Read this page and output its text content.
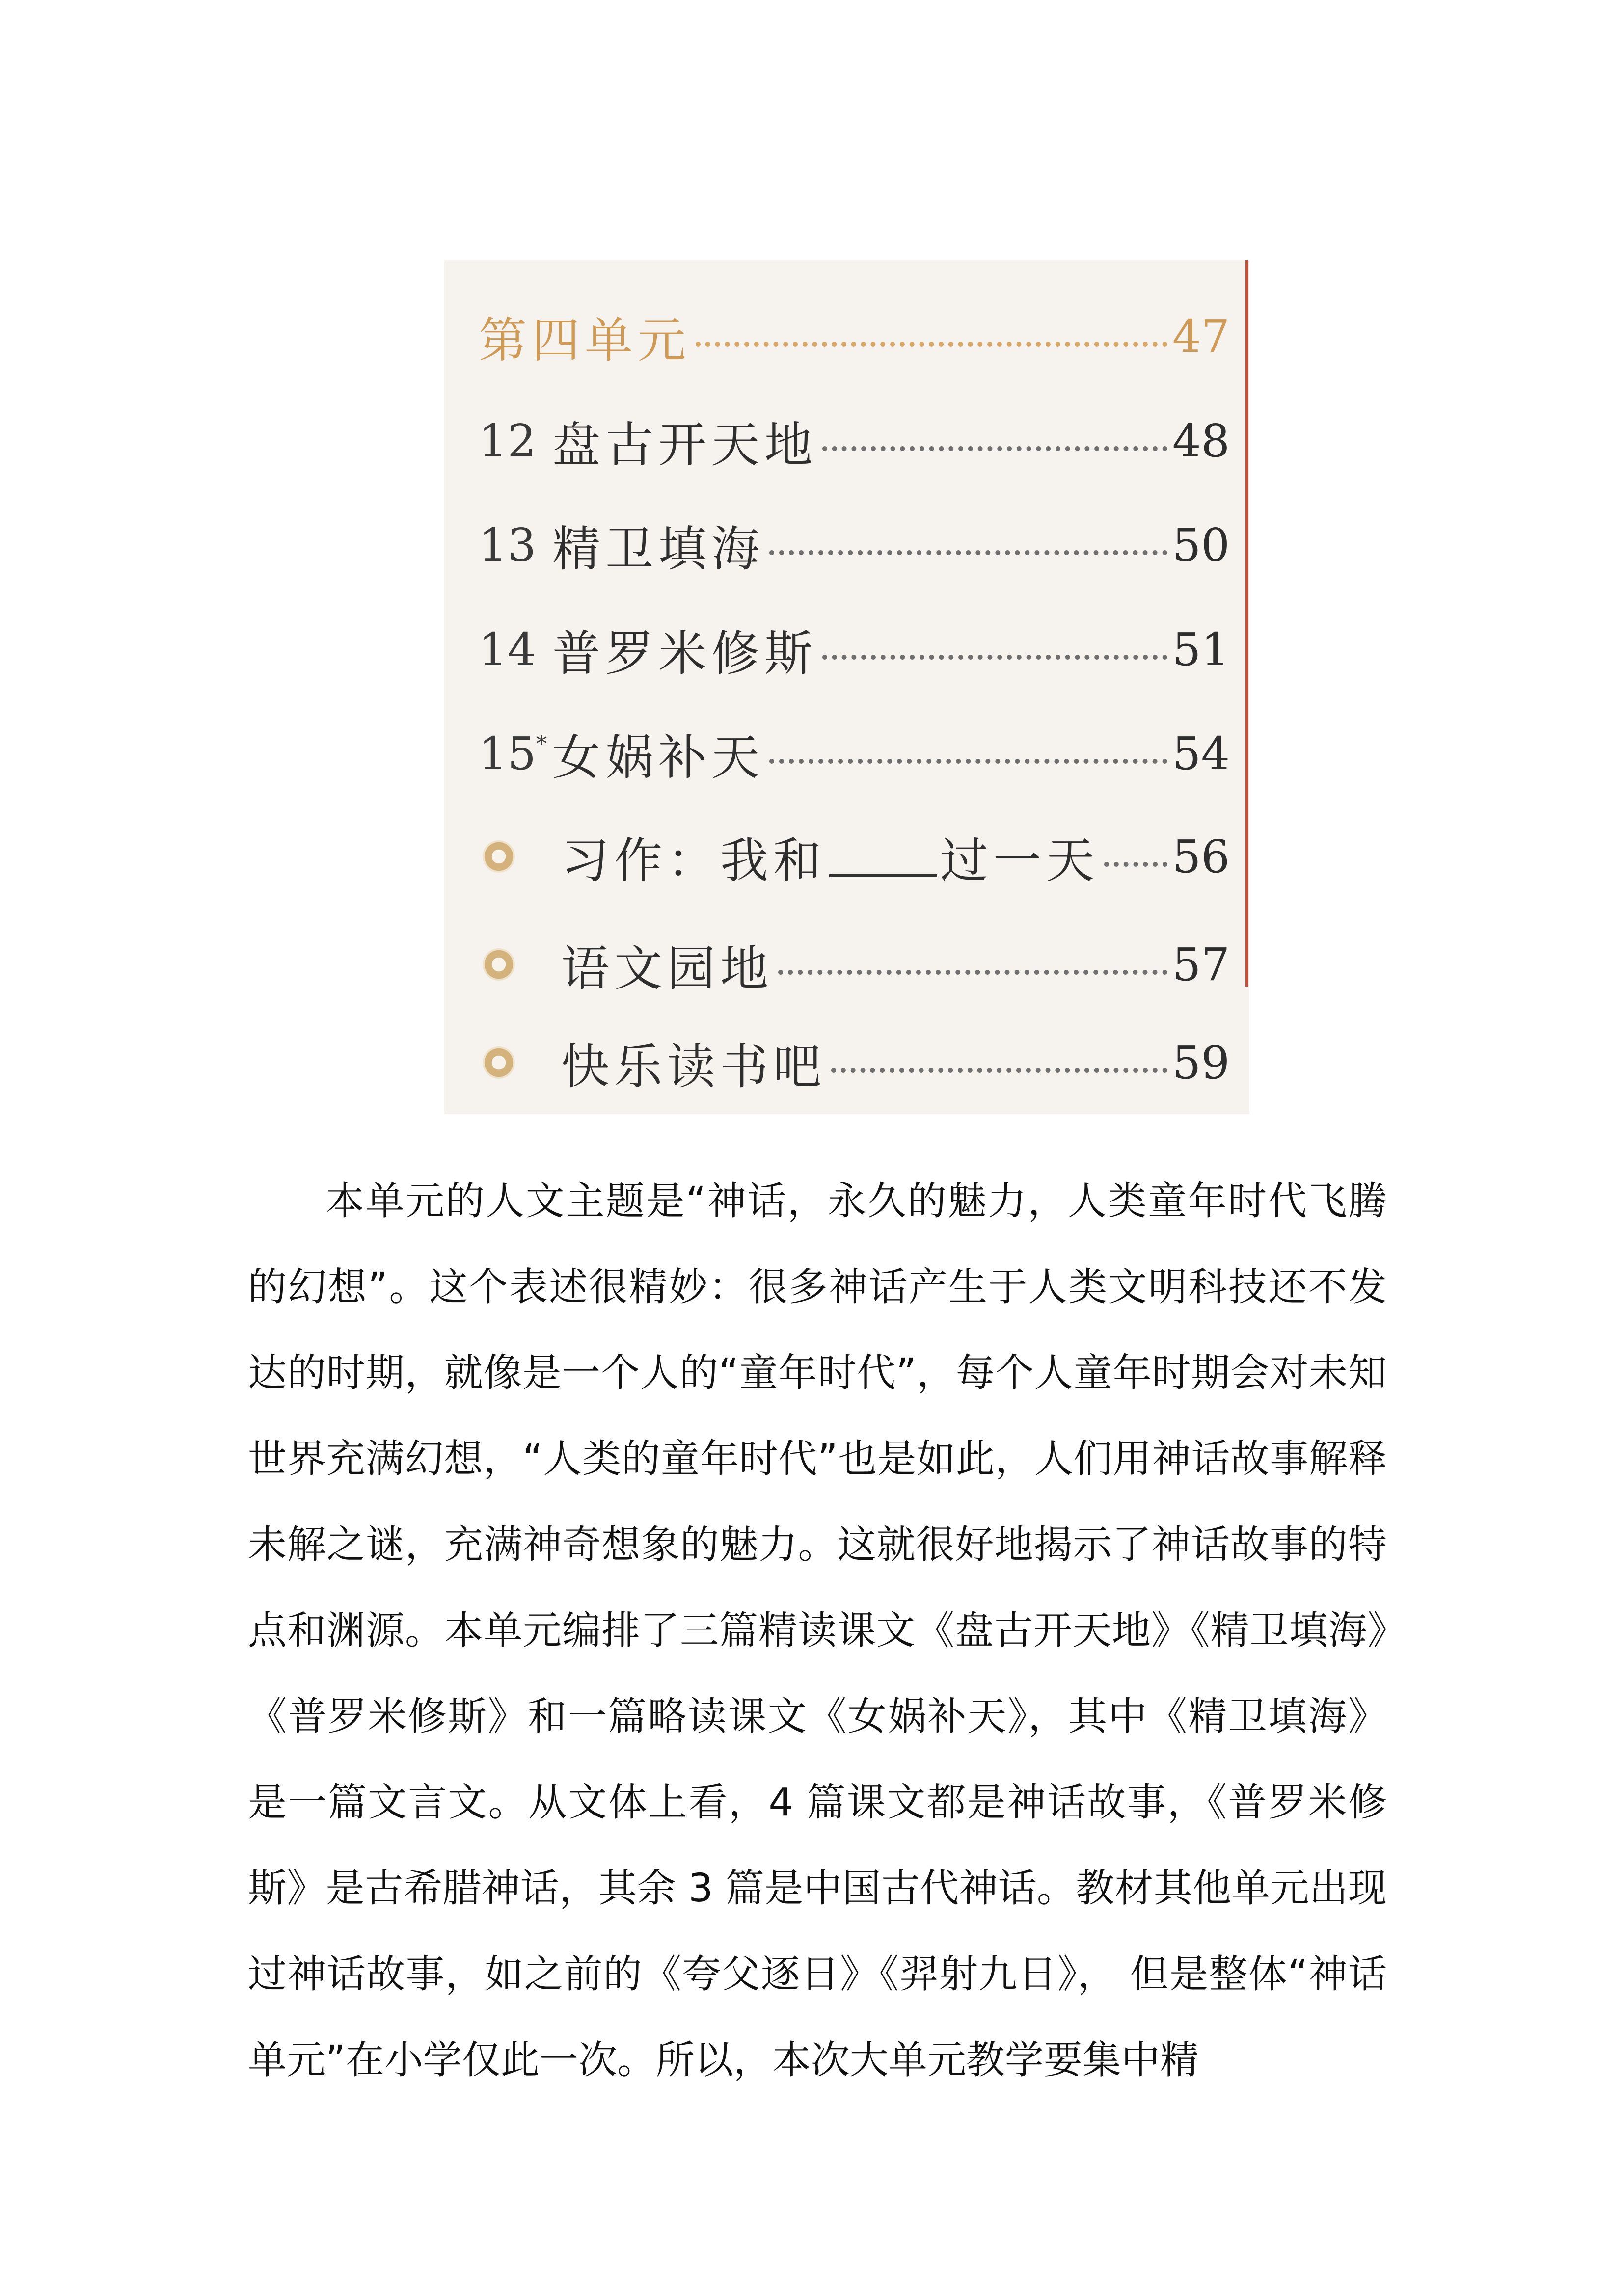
第四单元	47
12 盘古开天地	48
13 精卫填海	50
14 普罗米修斯	51
15* 女娲补天	54
习作：我和 过一天 56
语文园地	57
快乐读书吧	59

本单元的人文主题是“神话，永久的魅力，人类童年时代飞腾的幻想”。这个表述很精妙：很多神话产生于人类文明科技还不发达的时期，就像是一个人的“童年时代”，每个人童年时期会对未知世界充满幻想，“人类的童年时代”也是如此，人们用神话故事解释未解之谜，充满神奇想象的魅力。这就很好地揭示了神话故事的特点和渊源。本单元编排了三篇精读课文《盘古开天地》《精卫填海》《普罗米修斯》和一篇略读课文《女娲补天》，其中《精卫填海》是一篇文言文。从文体上看，4 篇课文都是神话故事，《普罗米修斯》是古希腊神话，其余 3 篇是中国古代神话。教材其他单元出现过神话故事，如之前的《夸父逐日》《羿射九日》， 但是整体“神话单元”在小学仅此一次。所以，本次大单元教学要集中精
